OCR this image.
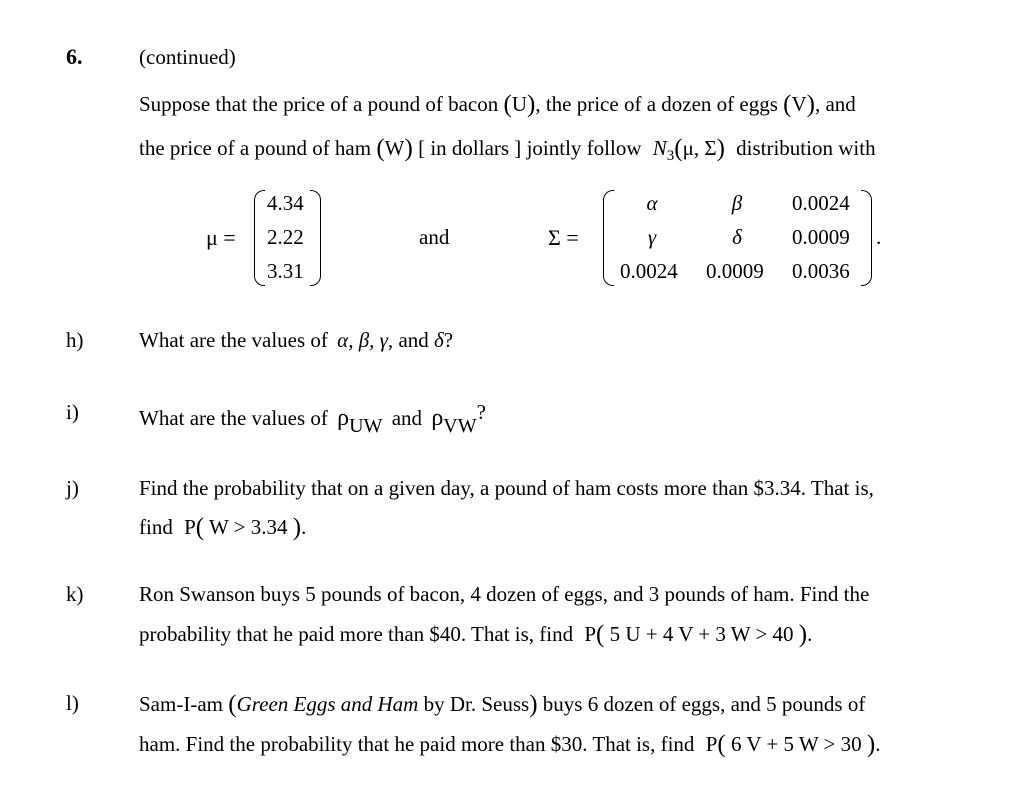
6.	(continued)
Suppose that the price of a pound of bacon (U), the price of a dozen of eggs (V), and
the price of a pound of ham (W) [ in dollars ] jointly follow $N_3(\mu$, Σ) distribution with
μ =
4.34
2.22
3.31
and	Σ =
α	β	0.0024
γ	δ	0.0009
0.0024 0.0009 0.0036
.
h)	What are the values of α, β, γ, and δ?
i)	What are the values of ρUW and ρVW?
j)	Find the probability that on a given day, a pound of ham costs more than $3.34. That is,
find P( W > 3.34 ).
k)	Ron Swanson buys 5 pounds of bacon, 4 dozen of eggs, and 3 pounds of ham. Find the
probability that he paid more than $40. That is, find P( 5 U + 4 V + 3 W > 40 ).
l)	Sam-I-am (Green Eggs and Ham by Dr. Seuss) buys 6 dozen of eggs, and 5 pounds of
ham. Find the probability that he paid more than $30. That is, find P( 6 V + 5 W > 30 ).
